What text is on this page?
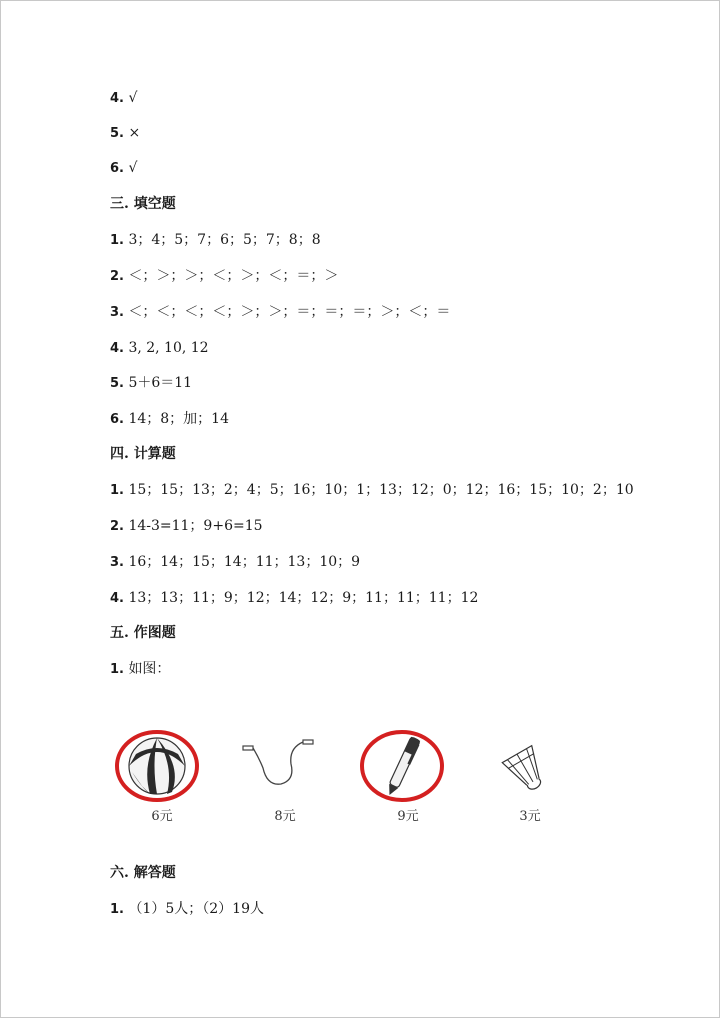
4. √
5. ×
6. √
三. 填空题
1. 3；4；5；7；6；5；7；8；8
2. ＜；＞；＞；＜；＞；＜；＝；＞
3. ＜；＜；＜；＜；＞；＞；＝；＝；＝；＞；＜；＝
4. 3, 2, 10, 12
5. 5＋6＝11
6. 14；8；加；14
四. 计算题
1. 15；15；13；2；4；5；16；10；1；13；12；0；12；16；15；10；2；10
2. 14-3=11；9+6=15
3. 16；14；15；14；11；13；10；9
4. 13；13；11；9；12；14；12；9；11；11；11；12
五. 作图题
1. 如图：
6元	8元	9元	3元
六. 解答题
1. （1）5人；（2）19人
